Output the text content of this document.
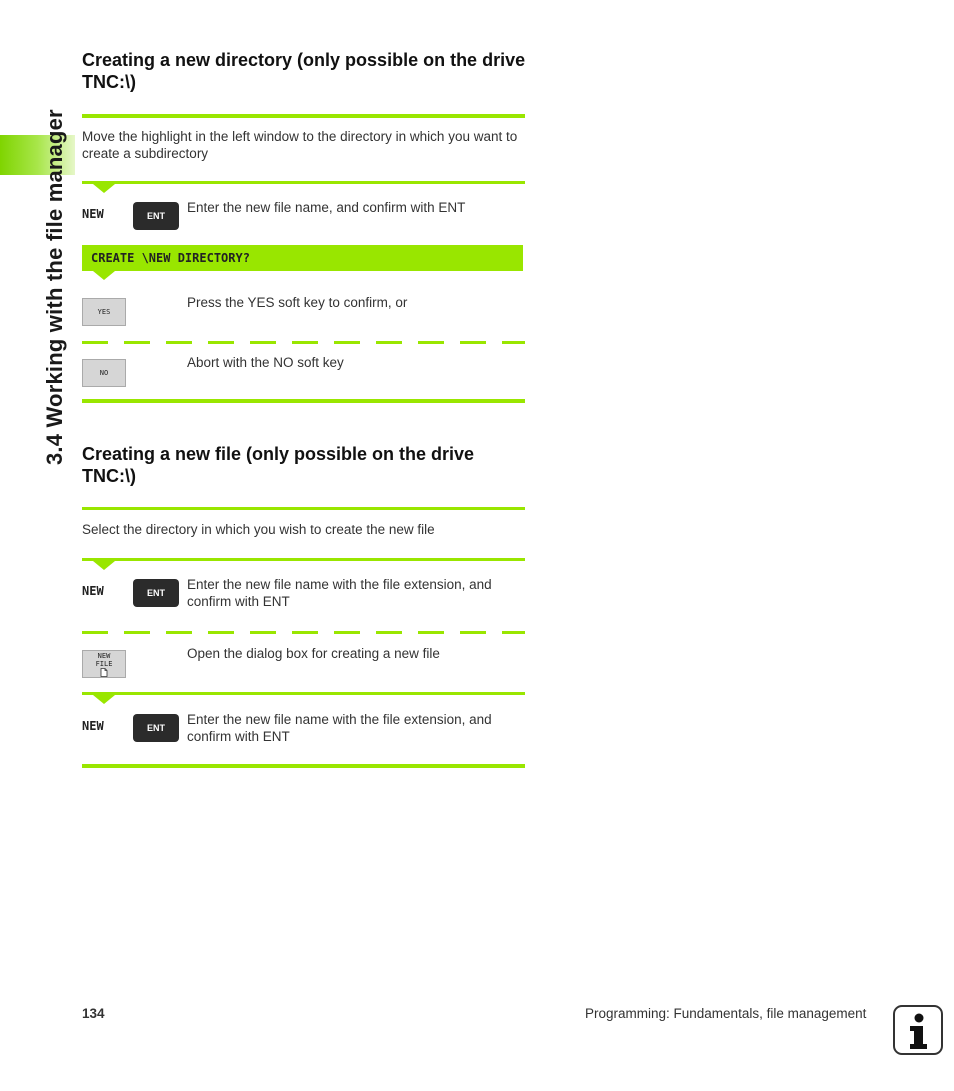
3.4 Working with the file manager
Creating a new directory (only possible on the drive TNC:\)
Move the highlight in the left window to the directory in which you want to create a subdirectory
NEW	ENT
Enter the new file name, and confirm with ENT
CREATE \NEW DIRECTORY?
YES
Press the YES soft key to confirm, or
NO
Abort with the NO soft key
Creating a new file (only possible on the drive TNC:\)
Select the directory in which you wish to create the new file
NEW	ENT
Enter the new file name with the file extension, and confirm with ENT
NEW
FILE
Open the dialog box for creating a new file
NEW	ENT
Enter the new file name with the file extension, and confirm with ENT
134	Programming: Fundamentals, file management
